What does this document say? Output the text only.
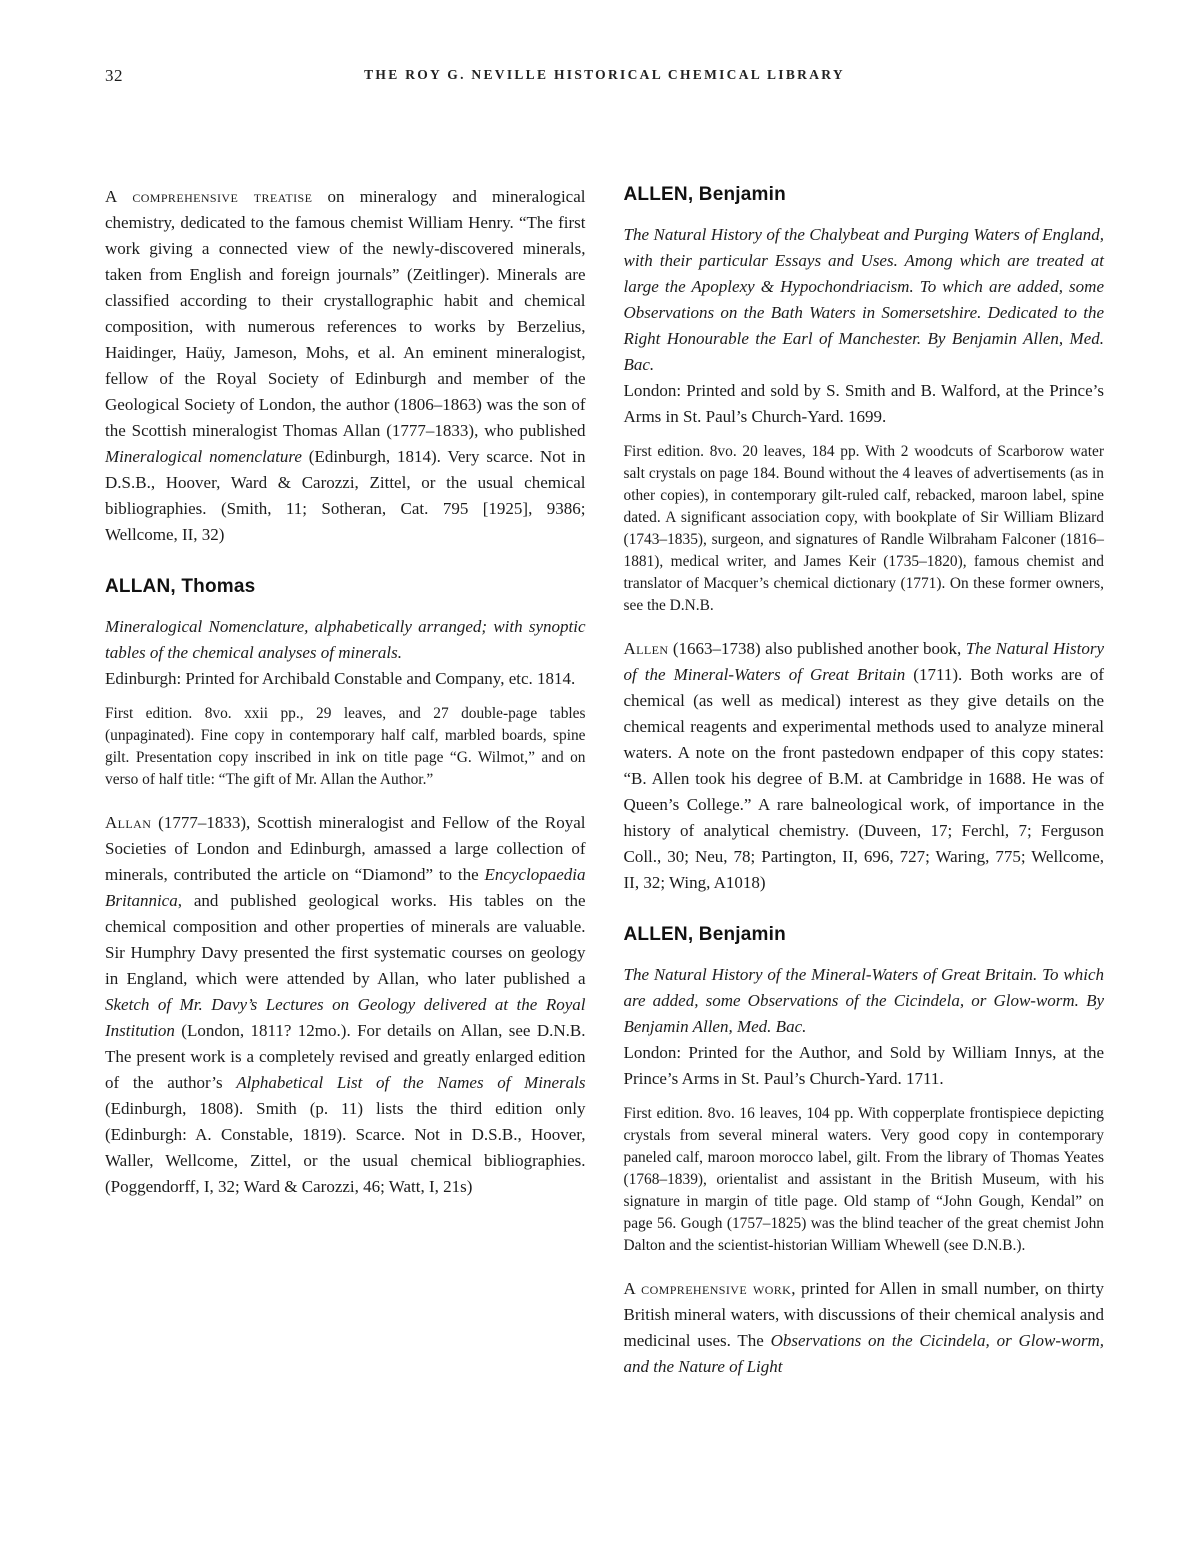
32	THE ROY G. NEVILLE HISTORICAL CHEMICAL LIBRARY

A comprehensive treatise on mineralogy and mineralogical chemistry, dedicated to the famous chemist William Henry. “The first work giving a connected view of the newly-discovered minerals, taken from English and foreign journals” (Zeitlinger). Minerals are classified according to their crystallographic habit and chemical composition, with numerous references to works by Berzelius, Haidinger, Haüy, Jameson, Mohs, et al. An eminent mineralogist, fellow of the Royal Society of Edinburgh and member of the Geological Society of London, the author (1806–1863) was the son of the Scottish mineralogist Thomas Allan (1777–1833), who published Mineralogical nomenclature (Edinburgh, 1814). Very scarce. Not in D.S.B., Hoover, Ward & Carozzi, Zittel, or the usual chemical bibliographies. (Smith, 11; Sotheran, Cat. 795 [1925], 9386; Wellcome, II, 32)

ALLAN, Thomas

Mineralogical Nomenclature, alphabetically arranged; with synoptic tables of the chemical analyses of minerals.
Edinburgh: Printed for Archibald Constable and Company, etc. 1814.

First edition. 8vo. xxii pp., 29 leaves, and 27 double-page tables (unpaginated). Fine copy in contemporary half calf, marbled boards, spine gilt. Presentation copy inscribed in ink on title page “G. Wilmot,” and on verso of half title: “The gift of Mr. Allan the Author.”

Allan (1777–1833), Scottish mineralogist and Fellow of the Royal Societies of London and Edinburgh, amassed a large collection of minerals, contributed the article on “Diamond” to the Encyclopaedia Britannica, and published geological works. His tables on the chemical composition and other properties of minerals are valuable. Sir Humphry Davy presented the first systematic courses on geology in England, which were attended by Allan, who later published a Sketch of Mr. Davy’s Lectures on Geology delivered at the Royal Institution (London, 1811? 12mo.). For details on Allan, see D.N.B. The present work is a completely revised and greatly enlarged edition of the author’s Alphabetical List of the Names of Minerals (Edinburgh, 1808). Smith (p. 11) lists the third edition only (Edinburgh: A. Constable, 1819). Scarce. Not in D.S.B., Hoover, Waller, Wellcome, Zittel, or the usual chemical bibliographies. (Poggendorff, I, 32; Ward & Carozzi, 46; Watt, I, 21s)

ALLEN, Benjamin

The Natural History of the Chalybeat and Purging Waters of England, with their particular Essays and Uses. Among which are treated at large the Apoplexy & Hypochondriacism. To which are added, some Observations on the Bath Waters in Somersetshire. Dedicated to the Right Honourable the Earl of Manchester. By Benjamin Allen, Med. Bac.
London: Printed and sold by S. Smith and B. Walford, at the Prince’s Arms in St. Paul’s Church-Yard. 1699.

First edition. 8vo. 20 leaves, 184 pp. With 2 woodcuts of Scarborow water salt crystals on page 184. Bound without the 4 leaves of advertisements (as in other copies), in contemporary gilt-ruled calf, rebacked, maroon label, spine dated. A significant association copy, with bookplate of Sir William Blizard (1743–1835), surgeon, and signatures of Randle Wilbraham Falconer (1816–1881), medical writer, and James Keir (1735–1820), famous chemist and translator of Macquer’s chemical dictionary (1771). On these former owners, see the D.N.B.

Allen (1663–1738) also published another book, The Natural History of the Mineral-Waters of Great Britain (1711). Both works are of chemical (as well as medical) interest as they give details on the chemical reagents and experimental methods used to analyze mineral waters. A note on the front pastedown endpaper of this copy states: “B. Allen took his degree of B.M. at Cambridge in 1688. He was of Queen’s College.” A rare balneological work, of importance in the history of analytical chemistry. (Duveen, 17; Ferchl, 7; Ferguson Coll., 30; Neu, 78; Partington, II, 696, 727; Waring, 775; Wellcome, II, 32; Wing, A1018)

ALLEN, Benjamin

The Natural History of the Mineral-Waters of Great Britain. To which are added, some Observations of the Cicindela, or Glow-worm. By Benjamin Allen, Med. Bac.
London: Printed for the Author, and Sold by William Innys, at the Prince’s Arms in St. Paul’s Church-Yard. 1711.

First edition. 8vo. 16 leaves, 104 pp. With copperplate frontispiece depicting crystals from several mineral waters. Very good copy in contemporary paneled calf, maroon morocco label, gilt. From the library of Thomas Yeates (1768–1839), orientalist and assistant in the British Museum, with his signature in margin of title page. Old stamp of “John Gough, Kendal” on page 56. Gough (1757–1825) was the blind teacher of the great chemist John Dalton and the scientist-historian William Whewell (see D.N.B.).

A comprehensive work, printed for Allen in small number, on thirty British mineral waters, with discussions of their chemical analysis and medicinal uses. The Observations on the Cicindela, or Glow-worm, and the Nature of Light
